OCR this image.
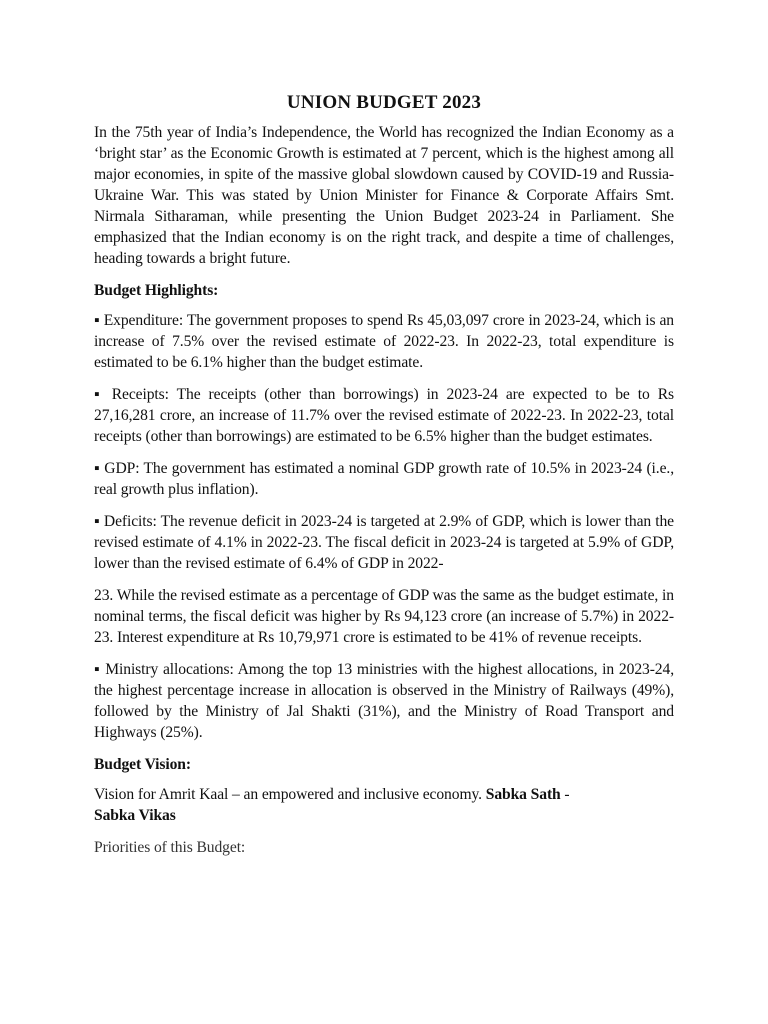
UNION BUDGET 2023

In the 75th year of India’s Independence, the World has recognized the Indian Economy as a ‘bright star’ as the Economic Growth is estimated at 7 percent, which is the highest among all major economies, in spite of the massive global slowdown caused by COVID-19 and Russia-Ukraine War. This was stated by Union Minister for Finance & Corporate Affairs Smt. Nirmala Sitharaman, while presenting the Union Budget 2023-24 in Parliament. She emphasized that the Indian economy is on the right track, and despite a time of challenges, heading towards a bright future.

Budget Highlights:

▪ Expenditure: The government proposes to spend Rs 45,03,097 crore in 2023-24, which is an increase of 7.5% over the revised estimate of 2022-23. In 2022-23, total expenditure is estimated to be 6.1% higher than the budget estimate.

▪ Receipts: The receipts (other than borrowings) in 2023-24 are expected to be to Rs 27,16,281 crore, an increase of 11.7% over the revised estimate of 2022-23. In 2022-23, total receipts (other than borrowings) are estimated to be 6.5% higher than the budget estimates.

▪ GDP: The government has estimated a nominal GDP growth rate of 10.5% in 2023-24 (i.e., real growth plus inflation).

▪ Deficits: The revenue deficit in 2023-24 is targeted at 2.9% of GDP, which is lower than the revised estimate of 4.1% in 2022-23. The fiscal deficit in 2023-24 is targeted at 5.9% of GDP, lower than the revised estimate of 6.4% of GDP in 2022-

23. While the revised estimate as a percentage of GDP was the same as the budget estimate, in nominal terms, the fiscal deficit was higher by Rs 94,123 crore (an increase of 5.7%) in 2022-23. Interest expenditure at Rs 10,79,971 crore is estimated to be 41% of revenue receipts.

▪ Ministry allocations: Among the top 13 ministries with the highest allocations, in 2023-24, the highest percentage increase in allocation is observed in the Ministry of Railways (49%), followed by the Ministry of Jal Shakti (31%), and the Ministry of Road Transport and Highways (25%).

Budget Vision:

Vision for Amrit Kaal – an empowered and inclusive economy. Sabka Sath -
Sabka Vikas

Priorities of this Budget:
